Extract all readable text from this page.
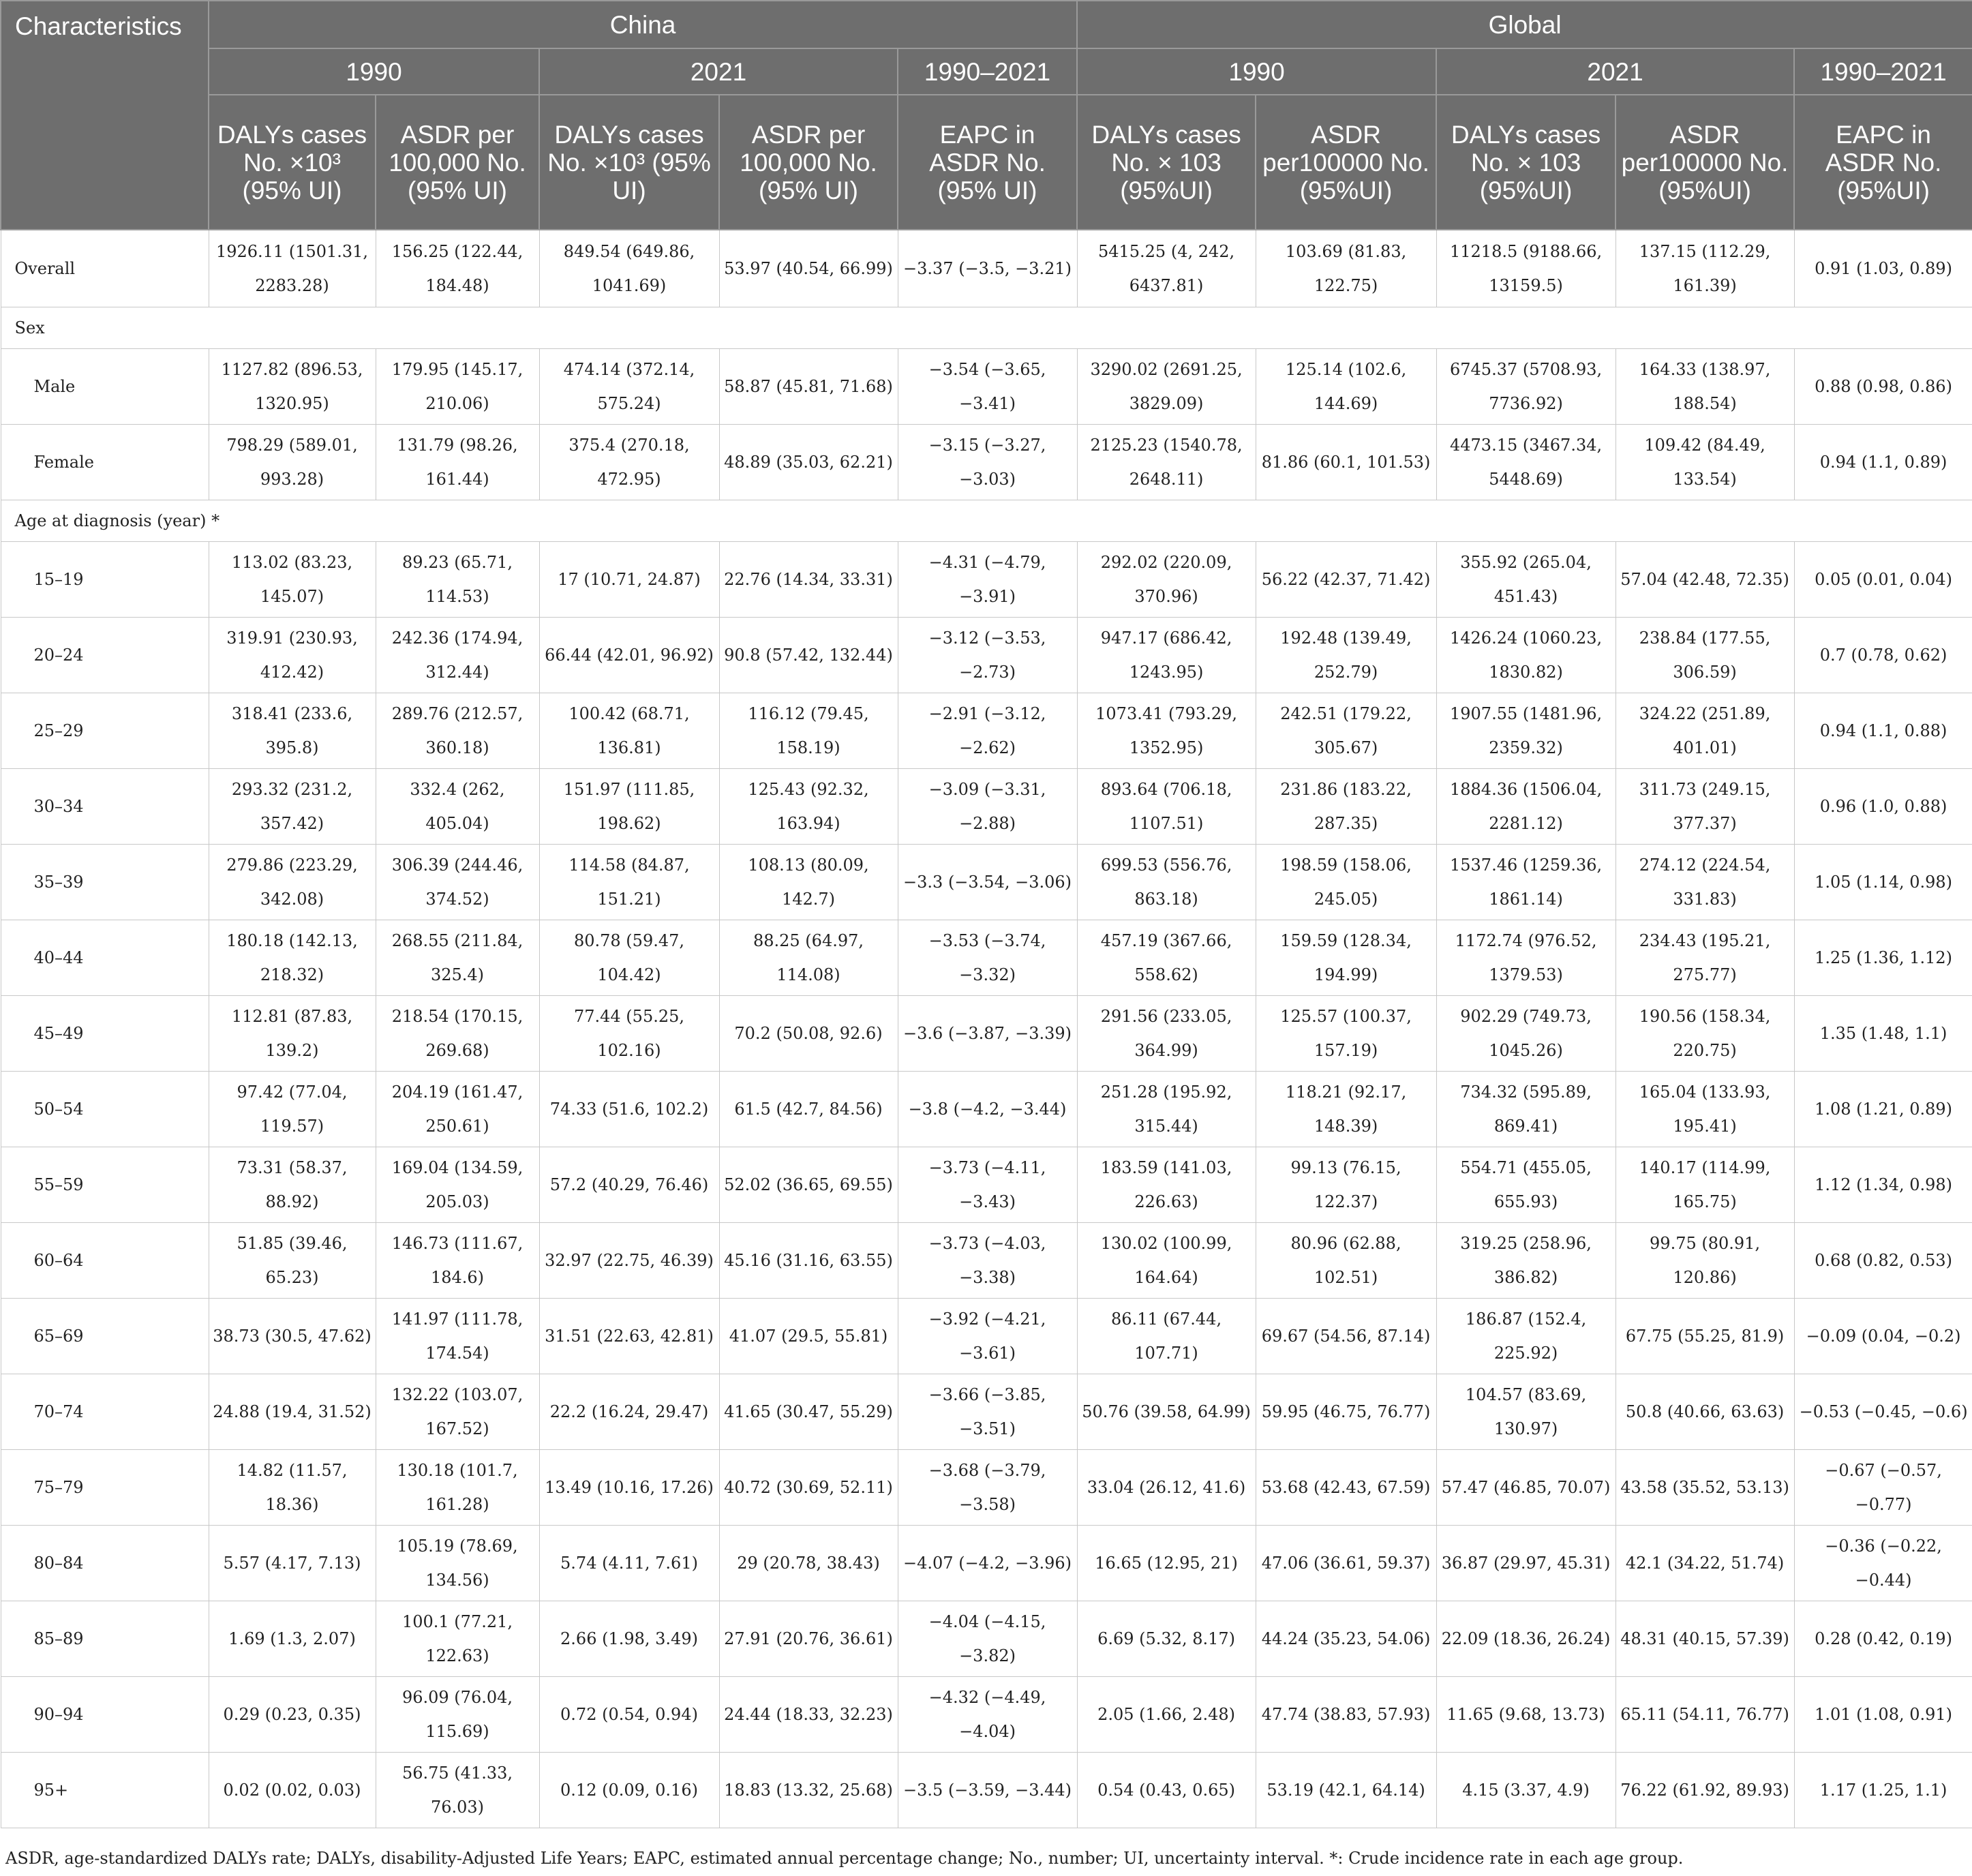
Characteristics	China					Global				
	1990		2021		1990–2021	1990		2021		1990–2021
	DALYs cases No. ×10³ (95% UI)	ASDR per 100,000 No. (95% UI)	DALYs cases No. ×10³ (95% UI)	ASDR per 100,000 No. (95% UI)	EAPC in ASDR No. (95% UI)	DALYs cases No. × 103 (95%UI)	ASDR per100000 No. (95%UI)	DALYs cases No. × 103 (95%UI)	ASDR per100000 No. (95%UI)	EAPC in ASDR No. (95%UI)
Overall	1926.11 (1501.31, 2283.28)	156.25 (122.44, 184.48)	849.54 (649.86, 1041.69)	53.97 (40.54, 66.99)	−3.37 (−3.5, −3.21)	5415.25 (4, 242, 6437.81)	103.69 (81.83, 122.75)	11218.5 (9188.66, 13159.5)	137.15 (112.29, 161.39)	0.91 (1.03, 0.89)
Sex										
Male	1127.82 (896.53, 1320.95)	179.95 (145.17, 210.06)	474.14 (372.14, 575.24)	58.87 (45.81, 71.68)	−3.54 (−3.65, −3.41)	3290.02 (2691.25, 3829.09)	125.14 (102.6, 144.69)	6745.37 (5708.93, 7736.92)	164.33 (138.97, 188.54)	0.88 (0.98, 0.86)
Female	798.29 (589.01, 993.28)	131.79 (98.26, 161.44)	375.4 (270.18, 472.95)	48.89 (35.03, 62.21)	−3.15 (−3.27, −3.03)	2125.23 (1540.78, 2648.11)	81.86 (60.1, 101.53)	4473.15 (3467.34, 5448.69)	109.42 (84.49, 133.54)	0.94 (1.1, 0.89)
Age at diagnosis (year) *										
15–19	113.02 (83.23, 145.07)	89.23 (65.71, 114.53)	17 (10.71, 24.87)	22.76 (14.34, 33.31)	−4.31 (−4.79, −3.91)	292.02 (220.09, 370.96)	56.22 (42.37, 71.42)	355.92 (265.04, 451.43)	57.04 (42.48, 72.35)	0.05 (0.01, 0.04)
20–24	319.91 (230.93, 412.42)	242.36 (174.94, 312.44)	66.44 (42.01, 96.92)	90.8 (57.42, 132.44)	−3.12 (−3.53, −2.73)	947.17 (686.42, 1243.95)	192.48 (139.49, 252.79)	1426.24 (1060.23, 1830.82)	238.84 (177.55, 306.59)	0.7 (0.78, 0.62)
25–29	318.41 (233.6, 395.8)	289.76 (212.57, 360.18)	100.42 (68.71, 136.81)	116.12 (79.45, 158.19)	−2.91 (−3.12, −2.62)	1073.41 (793.29, 1352.95)	242.51 (179.22, 305.67)	1907.55 (1481.96, 2359.32)	324.22 (251.89, 401.01)	0.94 (1.1, 0.88)
30–34	293.32 (231.2, 357.42)	332.4 (262, 405.04)	151.97 (111.85, 198.62)	125.43 (92.32, 163.94)	−3.09 (−3.31, −2.88)	893.64 (706.18, 1107.51)	231.86 (183.22, 287.35)	1884.36 (1506.04, 2281.12)	311.73 (249.15, 377.37)	0.96 (1.0, 0.88)
35–39	279.86 (223.29, 342.08)	306.39 (244.46, 374.52)	114.58 (84.87, 151.21)	108.13 (80.09, 142.7)	−3.3 (−3.54, −3.06)	699.53 (556.76, 863.18)	198.59 (158.06, 245.05)	1537.46 (1259.36, 1861.14)	274.12 (224.54, 331.83)	1.05 (1.14, 0.98)
40–44	180.18 (142.13, 218.32)	268.55 (211.84, 325.4)	80.78 (59.47, 104.42)	88.25 (64.97, 114.08)	−3.53 (−3.74, −3.32)	457.19 (367.66, 558.62)	159.59 (128.34, 194.99)	1172.74 (976.52, 1379.53)	234.43 (195.21, 275.77)	1.25 (1.36, 1.12)
45–49	112.81 (87.83, 139.2)	218.54 (170.15, 269.68)	77.44 (55.25, 102.16)	70.2 (50.08, 92.6)	−3.6 (−3.87, −3.39)	291.56 (233.05, 364.99)	125.57 (100.37, 157.19)	902.29 (749.73, 1045.26)	190.56 (158.34, 220.75)	1.35 (1.48, 1.1)
50–54	97.42 (77.04, 119.57)	204.19 (161.47, 250.61)	74.33 (51.6, 102.2)	61.5 (42.7, 84.56)	−3.8 (−4.2, −3.44)	251.28 (195.92, 315.44)	118.21 (92.17, 148.39)	734.32 (595.89, 869.41)	165.04 (133.93, 195.41)	1.08 (1.21, 0.89)
55–59	73.31 (58.37, 88.92)	169.04 (134.59, 205.03)	57.2 (40.29, 76.46)	52.02 (36.65, 69.55)	−3.73 (−4.11, −3.43)	183.59 (141.03, 226.63)	99.13 (76.15, 122.37)	554.71 (455.05, 655.93)	140.17 (114.99, 165.75)	1.12 (1.34, 0.98)
60–64	51.85 (39.46, 65.23)	146.73 (111.67, 184.6)	32.97 (22.75, 46.39)	45.16 (31.16, 63.55)	−3.73 (−4.03, −3.38)	130.02 (100.99, 164.64)	80.96 (62.88, 102.51)	319.25 (258.96, 386.82)	99.75 (80.91, 120.86)	0.68 (0.82, 0.53)
65–69	38.73 (30.5, 47.62)	141.97 (111.78, 174.54)	31.51 (22.63, 42.81)	41.07 (29.5, 55.81)	−3.92 (−4.21, −3.61)	86.11 (67.44, 107.71)	69.67 (54.56, 87.14)	186.87 (152.4, 225.92)	67.75 (55.25, 81.9)	−0.09 (0.04, −0.2)
70–74	24.88 (19.4, 31.52)	132.22 (103.07, 167.52)	22.2 (16.24, 29.47)	41.65 (30.47, 55.29)	−3.66 (−3.85, −3.51)	50.76 (39.58, 64.99)	59.95 (46.75, 76.77)	104.57 (83.69, 130.97)	50.8 (40.66, 63.63)	−0.53 (−0.45, −0.6)
75–79	14.82 (11.57, 18.36)	130.18 (101.7, 161.28)	13.49 (10.16, 17.26)	40.72 (30.69, 52.11)	−3.68 (−3.79, −3.58)	33.04 (26.12, 41.6)	53.68 (42.43, 67.59)	57.47 (46.85, 70.07)	43.58 (35.52, 53.13)	−0.67 (−0.57, −0.77)
80–84	5.57 (4.17, 7.13)	105.19 (78.69, 134.56)	5.74 (4.11, 7.61)	29 (20.78, 38.43)	−4.07 (−4.2, −3.96)	16.65 (12.95, 21)	47.06 (36.61, 59.37)	36.87 (29.97, 45.31)	42.1 (34.22, 51.74)	−0.36 (−0.22, −0.44)
85–89	1.69 (1.3, 2.07)	100.1 (77.21, 122.63)	2.66 (1.98, 3.49)	27.91 (20.76, 36.61)	−4.04 (−4.15, −3.82)	6.69 (5.32, 8.17)	44.24 (35.23, 54.06)	22.09 (18.36, 26.24)	48.31 (40.15, 57.39)	0.28 (0.42, 0.19)
90–94	0.29 (0.23, 0.35)	96.09 (76.04, 115.69)	0.72 (0.54, 0.94)	24.44 (18.33, 32.23)	−4.32 (−4.49, −4.04)	2.05 (1.66, 2.48)	47.74 (38.83, 57.93)	11.65 (9.68, 13.73)	65.11 (54.11, 76.77)	1.01 (1.08, 0.91)
95+	0.02 (0.02, 0.03)	56.75 (41.33, 76.03)	0.12 (0.09, 0.16)	18.83 (13.32, 25.68)	−3.5 (−3.59, −3.44)	0.54 (0.43, 0.65)	53.19 (42.1, 64.14)	4.15 (3.37, 4.9)	76.22 (61.92, 89.93)	1.17 (1.25, 1.1)
ASDR, age-standardized DALYs rate; DALYs, disability-Adjusted Life Years; EAPC, estimated annual percentage change; No., number; UI, uncertainty interval. *: Crude incidence rate in each age group.
